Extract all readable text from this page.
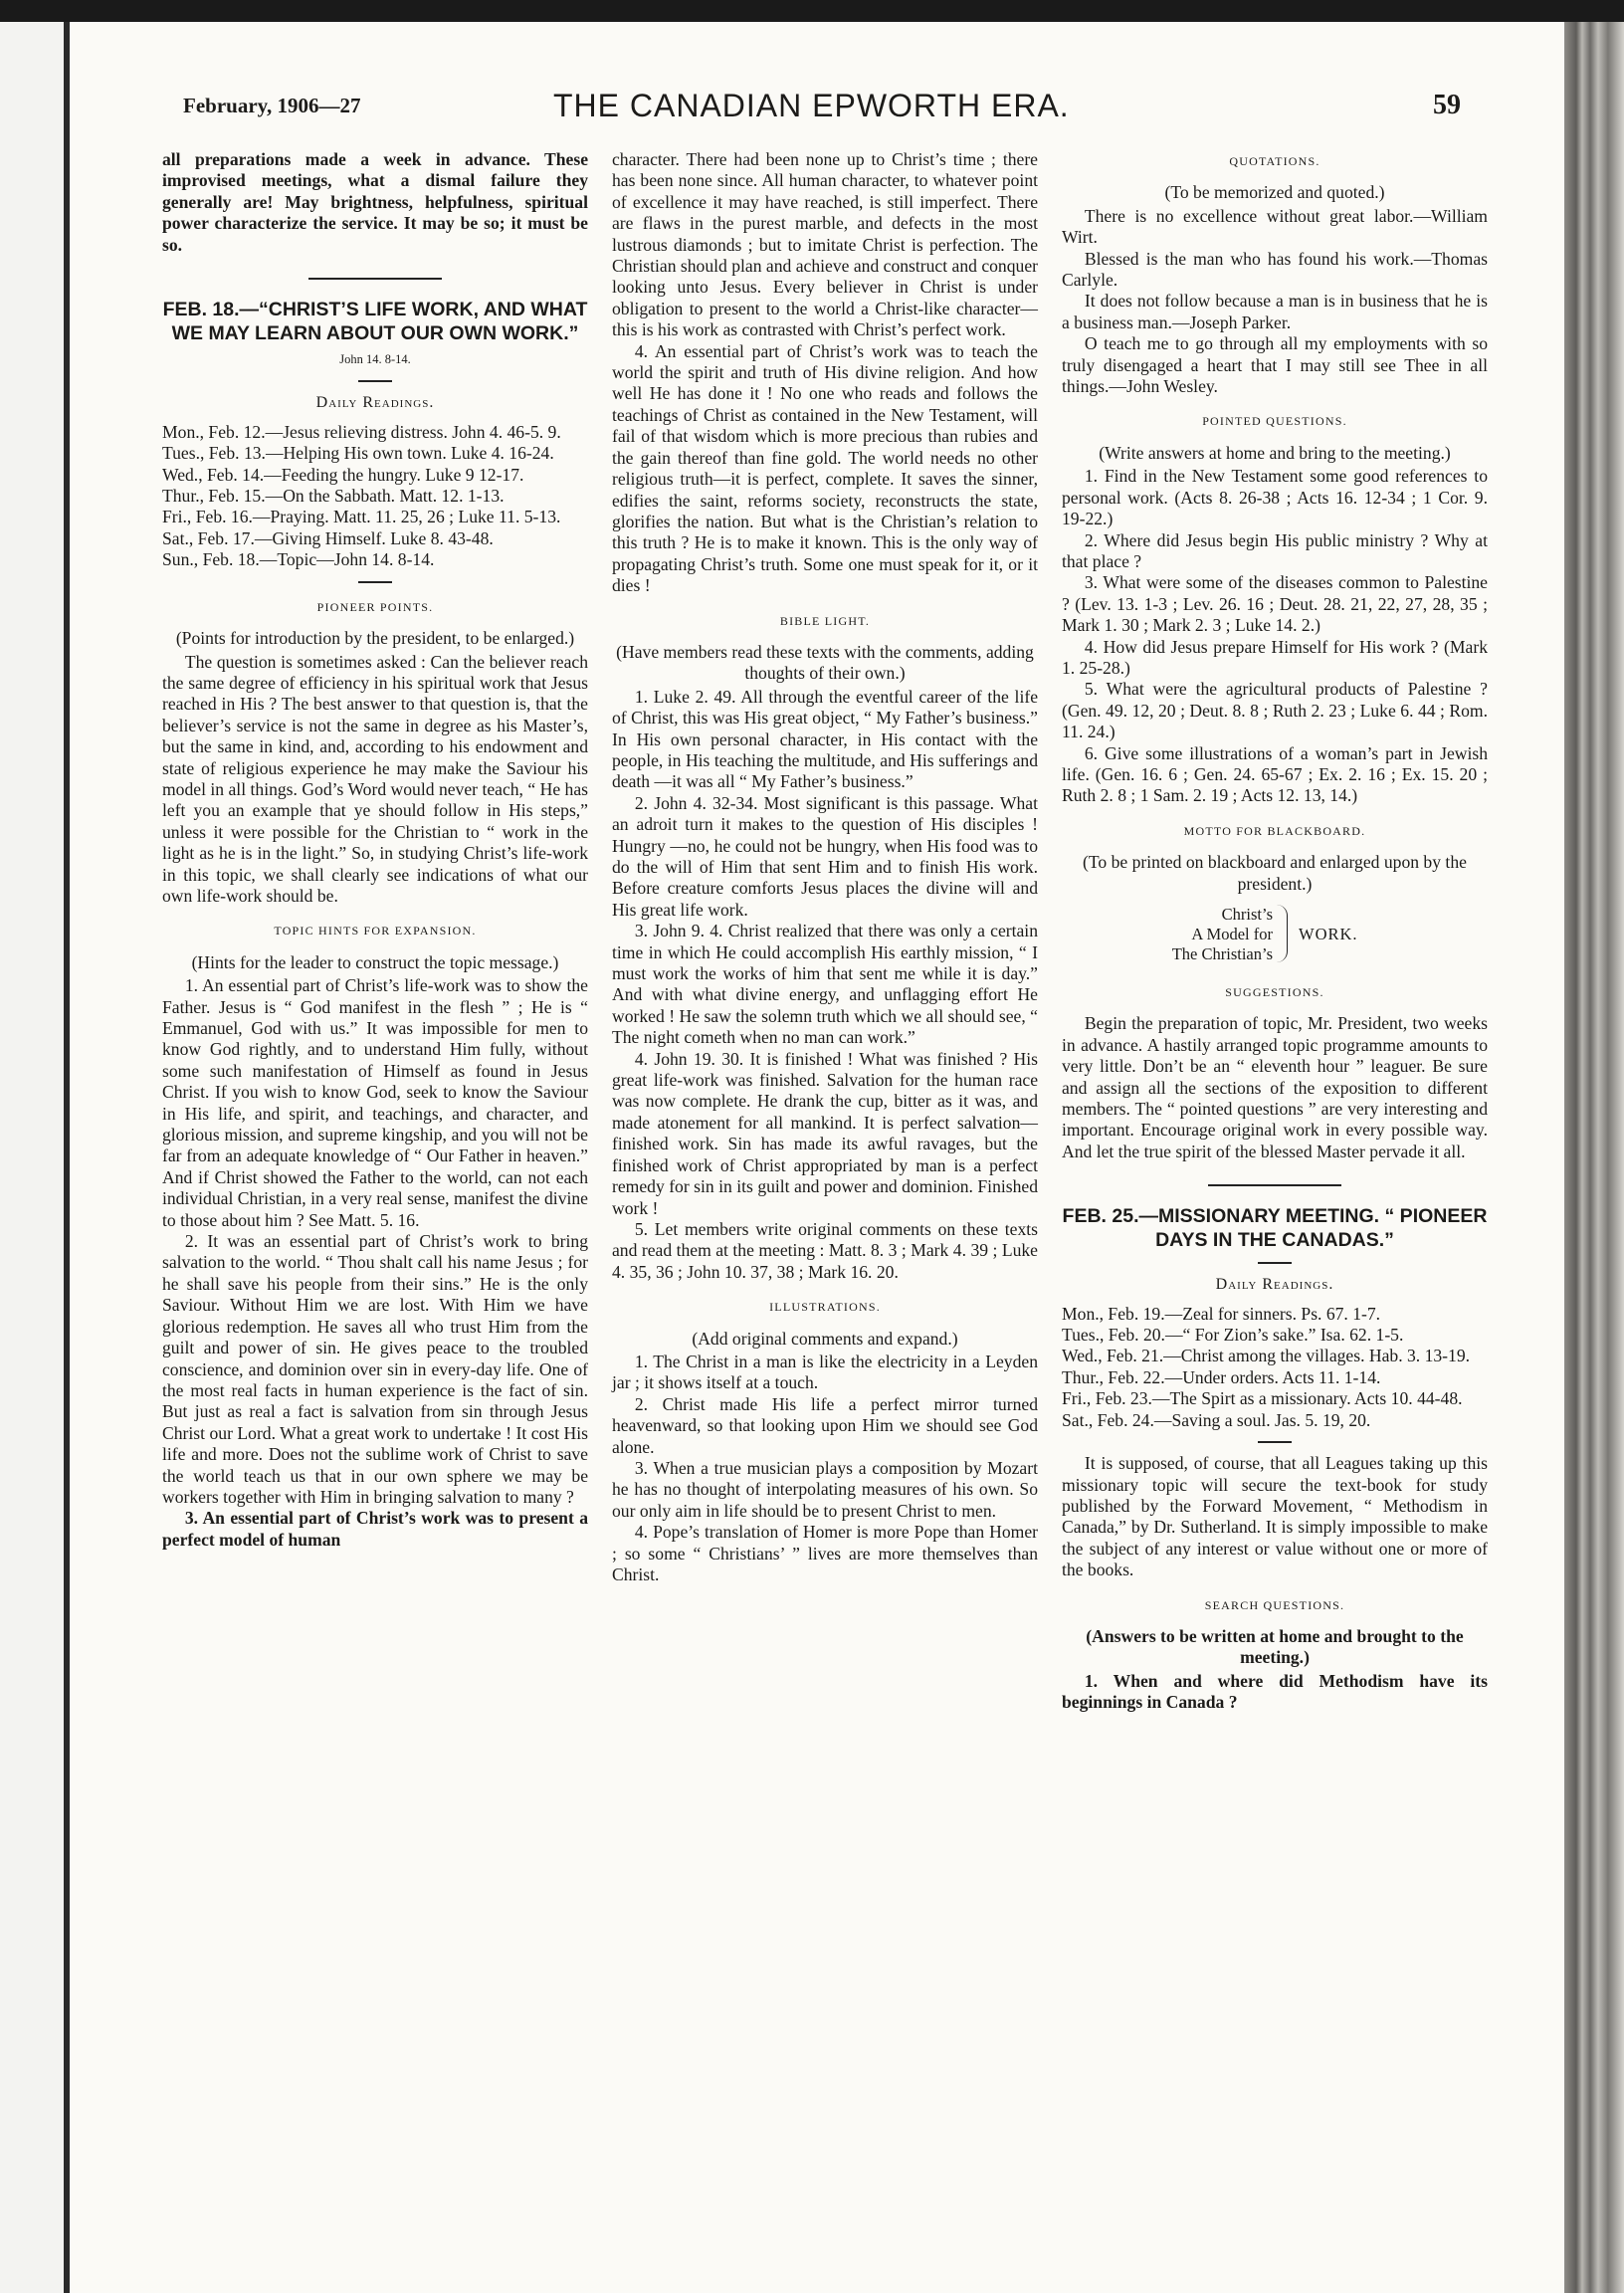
February, 1906—27	THE CANADIAN EPWORTH ERA.	59

all preparations made a week in advance. These improvised meetings, what a dismal failure they generally are! May brightness, helpfulness, spiritual power characterize the service. It may be so; it must be so.

FEB. 18.—“CHRIST’S LIFE WORK, AND WHAT WE MAY LEARN ABOUT OUR OWN WORK.”
John 14. 8-14.
Daily Readings.
Mon., Feb. 12.—Jesus relieving distress. John 4. 46-5. 9.
Tues., Feb. 13.—Helping His own town. Luke 4. 16-24.
Wed., Feb. 14.—Feeding the hungry. Luke 9 12-17.
Thur., Feb. 15.—On the Sabbath. Matt. 12. 1-13.
Fri., Feb. 16.—Praying. Matt. 11. 25, 26 ; Luke 11. 5-13.
Sat., Feb. 17.—Giving Himself. Luke 8. 43-48.
Sun., Feb. 18.—Topic—John 14. 8-14.
PIONEER POINTS.
(Points for introduction by the president, to be enlarged.)

The question is sometimes asked : Can the believer reach the same degree of efficiency in his spiritual work that Jesus reached in His ? The best answer to that question is, that the believer’s service is not the same in degree as his Master’s, but the same in kind, and, according to his endowment and state of religious experience he may make the Saviour his model in all things. God’s Word would never teach, “ He has left you an example that ye should follow in His steps,” unless it were possible for the Christian to “ work in the light as he is in the light.” So, in studying Christ’s life-work in this topic, we shall clearly see indications of what our own life-work should be.

TOPIC HINTS FOR EXPANSION.
(Hints for the leader to construct the topic message.)

1. An essential part of Christ’s life-work was to show the Father. Jesus is “ God manifest in the flesh ” ; He is “ Emmanuel, God with us.” It was impossible for men to know God rightly, and to understand Him fully, without some such manifestation of Himself as found in Jesus Christ. If you wish to know God, seek to know the Saviour in His life, and spirit, and teachings, and character, and glorious mission, and supreme kingship, and you will not be far from an adequate knowledge of “ Our Father in heaven.” And if Christ showed the Father to the world, can not each individual Christian, in a very real sense, manifest the divine to those about him ? See Matt. 5. 16.

2. It was an essential part of Christ’s work to bring salvation to the world. “ Thou shalt call his name Jesus ; for he shall save his people from their sins.” He is the only Saviour. Without Him we are lost. With Him we have glorious redemption. He saves all who trust Him from the guilt and power of sin. He gives peace to the troubled conscience, and dominion over sin in every-day life. One of the most real facts in human experience is the fact of sin. But just as real a fact is salvation from sin through Jesus Christ our Lord. What a great work to undertake ! It cost His life and more. Does not the sublime work of Christ to save the world teach us that in our own sphere we may be workers together with Him in bringing salvation to many ?

3. An essential part of Christ’s work was to present a perfect model of human

character. There had been none up to Christ’s time ; there has been none since. All human character, to whatever point of excellence it may have reached, is still imperfect. There are flaws in the purest marble, and defects in the most lustrous diamonds ; but to imitate Christ is perfection. The Christian should plan and achieve and construct and conquer looking unto Jesus. Every believer in Christ is under obligation to present to the world a Christ-like character—this is his work as contrasted with Christ’s perfect work.

4. An essential part of Christ’s work was to teach the world the spirit and truth of His divine religion. And how well He has done it ! No one who reads and follows the teachings of Christ as contained in the New Testament, will fail of that wisdom which is more precious than rubies and the gain thereof than fine gold. The world needs no other religious truth—it is perfect, complete. It saves the sinner, edifies the saint, reforms society, reconstructs the state, glorifies the nation. But what is the Christian’s relation to this truth ? He is to make it known. This is the only way of propagating Christ’s truth. Some one must speak for it, or it dies !

BIBLE LIGHT.
(Have members read these texts with the comments, adding thoughts of their own.)

1. Luke 2. 49. All through the eventful career of the life of Christ, this was His great object, “ My Father’s business.” In His own personal character, in His contact with the people, in His teaching the multitude, and His sufferings and death —it was all “ My Father’s business.”

2. John 4. 32-34. Most significant is this passage. What an adroit turn it makes to the question of His disciples ! Hungry —no, he could not be hungry, when His food was to do the will of Him that sent Him and to finish His work. Before creature comforts Jesus places the divine will and His great life work.

3. John 9. 4. Christ realized that there was only a certain time in which He could accomplish His earthly mission, “ I must work the works of him that sent me while it is day.” And with what divine energy, and unflagging effort He worked ! He saw the solemn truth which we all should see, “ The night cometh when no man can work.”

4. John 19. 30. It is finished ! What was finished ? His great life-work was finished. Salvation for the human race was now complete. He drank the cup, bitter as it was, and made atonement for all mankind. It is perfect salvation—finished work. Sin has made its awful ravages, but the finished work of Christ appropriated by man is a perfect remedy for sin in its guilt and power and dominion. Finished work !

5. Let members write original comments on these texts and read them at the meeting : Matt. 8. 3 ; Mark 4. 39 ; Luke 4. 35, 36 ; John 10. 37, 38 ; Mark 16. 20.

ILLUSTRATIONS.
(Add original comments and expand.)

1. The Christ in a man is like the electricity in a Leyden jar ; it shows itself at a touch.

2. Christ made His life a perfect mirror turned heavenward, so that looking upon Him we should see God alone.

3. When a true musician plays a composition by Mozart he has no thought of interpolating measures of his own. So our only aim in life should be to present Christ to men.

4. Pope’s translation of Homer is more Pope than Homer ; so some “ Christians’ ” lives are more themselves than Christ.

QUOTATIONS.
(To be memorized and quoted.)

There is no excellence without great labor.—William Wirt.

Blessed is the man who has found his work.—Thomas Carlyle.

It does not follow because a man is in business that he is a business man.—Joseph Parker.

O teach me to go through all my employments with so truly disengaged a heart that I may still see Thee in all things.—John Wesley.

POINTED QUESTIONS.
(Write answers at home and bring to the meeting.)

1. Find in the New Testament some good references to personal work. (Acts 8. 26-38 ; Acts 16. 12-34 ; 1 Cor. 9. 19-22.)

2. Where did Jesus begin His public ministry ? Why at that place ?

3. What were some of the diseases common to Palestine ? (Lev. 13. 1-3 ; Lev. 26. 16 ; Deut. 28. 21, 22, 27, 28, 35 ; Mark 1. 30 ; Mark 2. 3 ; Luke 14. 2.)

4. How did Jesus prepare Himself for His work ? (Mark 1. 25-28.)

5. What were the agricultural products of Palestine ? (Gen. 49. 12, 20 ; Deut. 8. 8 ; Ruth 2. 23 ; Luke 6. 44 ; Rom. 11. 24.)

6. Give some illustrations of a woman’s part in Jewish life. (Gen. 16. 6 ; Gen. 24. 65-67 ; Ex. 2. 16 ; Ex. 15. 20 ; Ruth 2. 8 ; 1 Sam. 2. 19 ; Acts 12. 13, 14.)

MOTTO FOR BLACKBOARD.
(To be printed on blackboard and enlarged upon by the president.)
Christ’s
A Model for
The Christian’s
WORK.
SUGGESTIONS.

Begin the preparation of topic, Mr. President, two weeks in advance. A hastily arranged topic programme amounts to very little. Don’t be an “ eleventh hour ” leaguer. Be sure and assign all the sections of the exposition to different members. The “ pointed questions ” are very interesting and important. Encourage original work in every possible way. And let the true spirit of the blessed Master pervade it all.

FEB. 25.—MISSIONARY MEETING. “ PIONEER DAYS IN THE CANADAS.”
Daily Readings.
Mon., Feb. 19.—Zeal for sinners. Ps. 67. 1-7.
Tues., Feb. 20.—“ For Zion’s sake.” Isa. 62. 1-5.
Wed., Feb. 21.—Christ among the villages. Hab. 3. 13-19.
Thur., Feb. 22.—Under orders. Acts 11. 1-14.
Fri., Feb. 23.—The Spirt as a missionary. Acts 10. 44-48.
Sat., Feb. 24.—Saving a soul. Jas. 5. 19, 20.

It is supposed, of course, that all Leagues taking up this missionary topic will secure the text-book for study published by the Forward Movement, “ Methodism in Canada,” by Dr. Sutherland. It is simply impossible to make the subject of any interest or value without one or more of the books.

SEARCH QUESTIONS.
(Answers to be written at home and brought to the meeting.)

1. When and where did Methodism have its beginnings in Canada ?
